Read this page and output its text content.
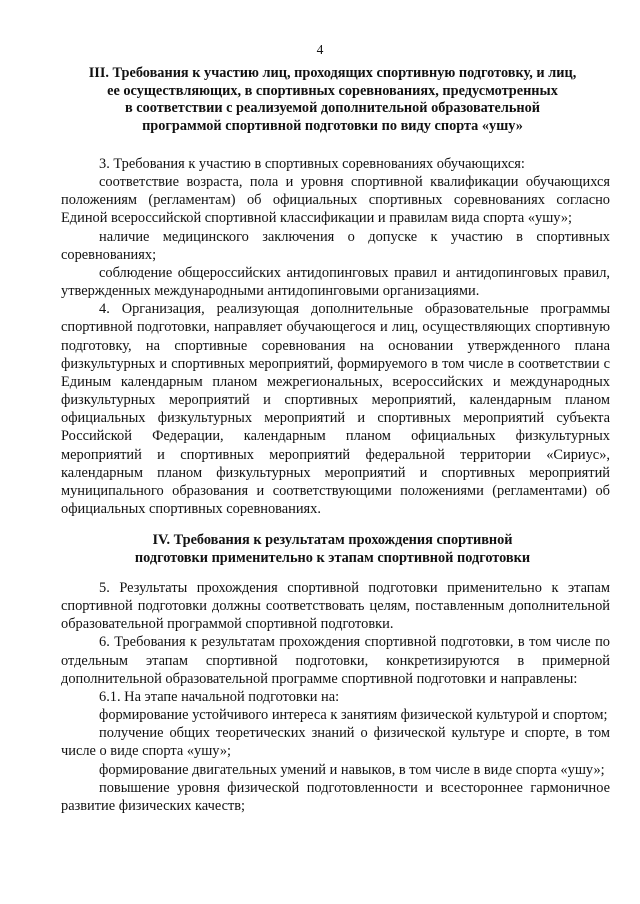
4
III. Требования к участию лиц, проходящих спортивную подготовку, и лиц,
ее осуществляющих, в спортивных соревнованиях, предусмотренных
в соответствии с реализуемой дополнительной образовательной
программой спортивной подготовки по виду спорта «ушу»

3. Требования к участию в спортивных соревнованиях обучающихся:

соответствие возраста, пола и уровня спортивной квалификации обучающихся положениям (регламентам) об официальных спортивных соревнованиях согласно Единой всероссийской спортивной классификации и правилам вида спорта «ушу»;

наличие медицинского заключения о допуске к участию в спортивных соревнованиях;

соблюдение общероссийских антидопинговых правил и антидопинговых правил, утвержденных международными антидопинговыми организациями.

4. Организация, реализующая дополнительные образовательные программы спортивной подготовки, направляет обучающегося и лиц, осуществляющих спортивную подготовку, на спортивные соревнования на основании утвержденного плана физкультурных и спортивных мероприятий, формируемого в том числе в соответствии с Единым календарным планом межрегиональных, всероссийских и международных физкультурных мероприятий и спортивных мероприятий, календарным планом официальных физкультурных мероприятий и спортивных мероприятий субъекта Российской Федерации, календарным планом официальных физкультурных мероприятий и спортивных мероприятий федеральной территории «Сириус», календарным планом физкультурных мероприятий и спортивных мероприятий муниципального образования и соответствующими положениями (регламентами) об официальных спортивных соревнованиях.

IV. Требования к результатам прохождения спортивной
подготовки применительно к этапам спортивной подготовки

5. Результаты прохождения спортивной подготовки применительно к этапам спортивной подготовки должны соответствовать целям, поставленным дополнительной образовательной программой спортивной подготовки.

6. Требования к результатам прохождения спортивной подготовки, в том числе по отдельным этапам спортивной подготовки, конкретизируются в примерной дополнительной образовательной программе спортивной подготовки и направлены:

6.1. На этапе начальной подготовки на:

формирование устойчивого интереса к занятиям физической культурой и спортом;

получение общих теоретических знаний о физической культуре и спорте, в том числе о виде спорта «ушу»;

формирование двигательных умений и навыков, в том числе в виде спорта «ушу»;

повышение уровня физической подготовленности и всестороннее гармоничное развитие физических качеств;
